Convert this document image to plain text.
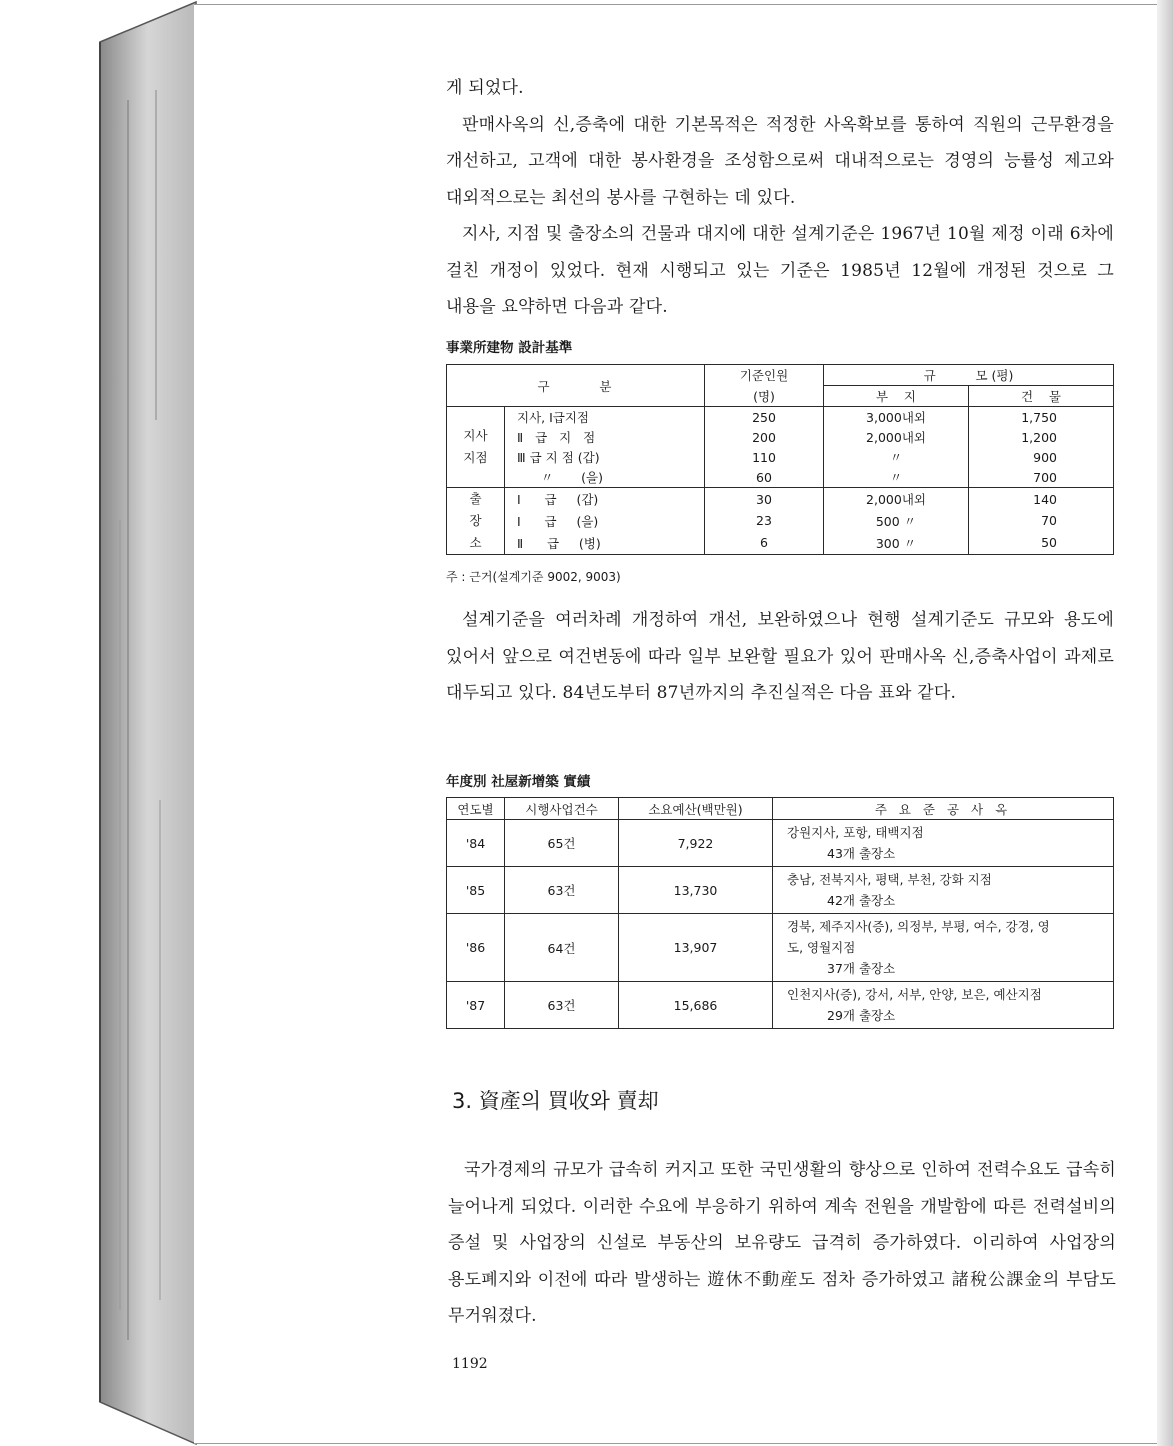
게 되었다.

판매사옥의 신,증축에 대한 기본목적은 적정한 사옥확보를 통하여 직원의 근무환경을 개선하고, 고객에 대한 봉사환경을 조성함으로써 대내적으로는 경영의 능률성 제고와 대외적으로는 최선의 봉사를 구현하는 데 있다.

지사, 지점 및 출장소의 건물과 대지에 대한 설계기준은 1967년 10월 제정 이래 6차에 걸친 개정이 있었다. 현재 시행되고 있는 기준은 1985년 12월에 개정된 것으로 그 내용을 요약하면 다음과 같다.

事業所建物 設計基準

구        분		기준인원	규          모 (평)	
		(명)	부    지	건    물
지사
지점	지사, Ⅰ급지점	250	3,000내외	1,750
	Ⅱ   급   지   점	200	2,000내외	1,200
	Ⅲ 급 지 점 (갑)	110	〃	900
	〃       (을)	60	〃	700
출
장
소	Ⅰ      급     (갑)	30	2,000내외	140
	Ⅰ      급     (을)	23	500 〃	70
	Ⅱ      급     (병)	6	300 〃	50

주 : 근거(설계기준 9002, 9003)

설계기준을 여러차례 개정하여 개선, 보완하였으나 현행 설계기준도 규모와 용도에 있어서 앞으로 여건변동에 따라 일부 보완할 필요가 있어 판매사옥 신,증축사업이 과제로 대두되고 있다. 84년도부터 87년까지의 추진실적은 다음 표와 같다.

年度別 社屋新增築 實績

연도별	시행사업건수	소요예산(백만원)	주 요 준 공 사 옥
'84	65건	7,922	강원지사, 포항, 태백지점
43개 출장소

'85	63건	13,730	충남, 전북지사, 평택, 부천, 강화 지점
42개 출장소

'86	64건	13,907	경북, 제주지사(증), 의정부, 부평, 여수, 강경, 영
도, 영월지점
37개 출장소

'87	63건	15,686	인천지사(증), 강서, 서부, 안양, 보은, 예산지점
29개 출장소
3. 資產의 買收와 賣却

국가경제의 규모가 급속히 커지고 또한 국민생활의 향상으로 인하여 전력수요도 급속히 늘어나게 되었다. 이러한 수요에 부응하기 위하여 계속 전원을 개발함에 따른 전력설비의 증설 및 사업장의 신설로 부동산의 보유량도 급격히 증가하였다. 이리하여 사업장의 용도폐지와 이전에 따라 발생하는 遊休不動産도 점차 증가하였고 諸稅公課金의 부담도 무거워졌다.

1192
